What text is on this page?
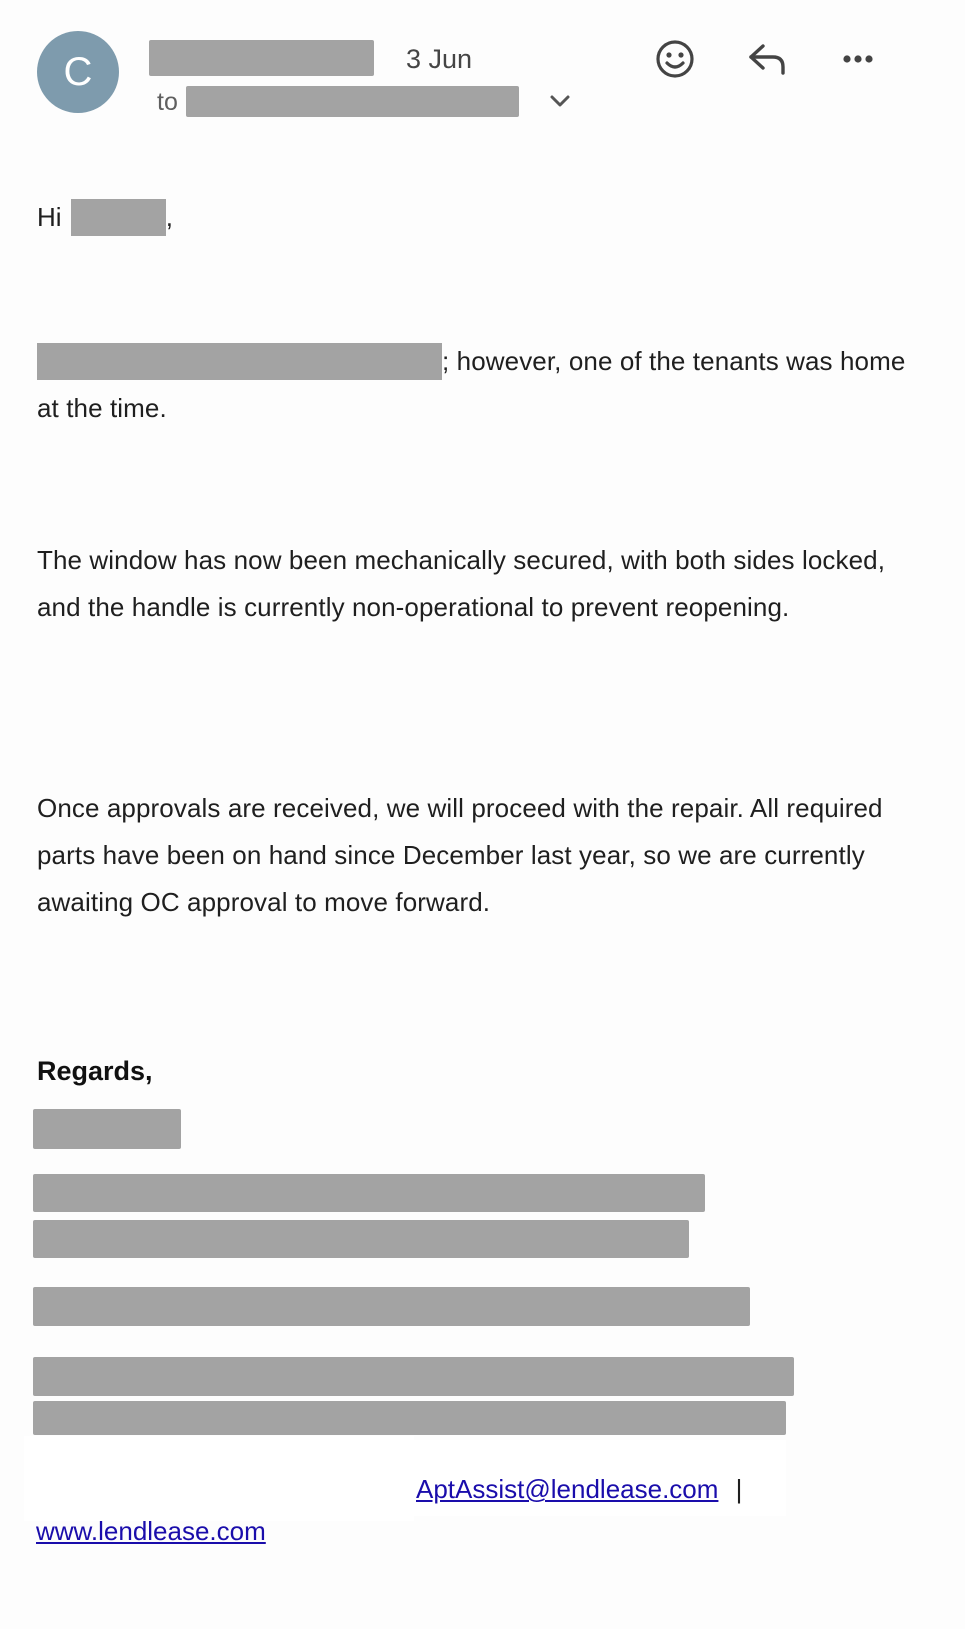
C	3 Jun
to
Hi	,
; however, one of the tenants was home at the time.
The window has now been mechanically secured, with both sides locked, and the handle is currently non-operational to prevent reopening.
Once approvals are received, we will proceed with the repair. All required parts have been on hand since December last year, so we are currently awaiting OC approval to move forward.
Regards,
AptAssist@lendlease.com |
www.lendlease.com
